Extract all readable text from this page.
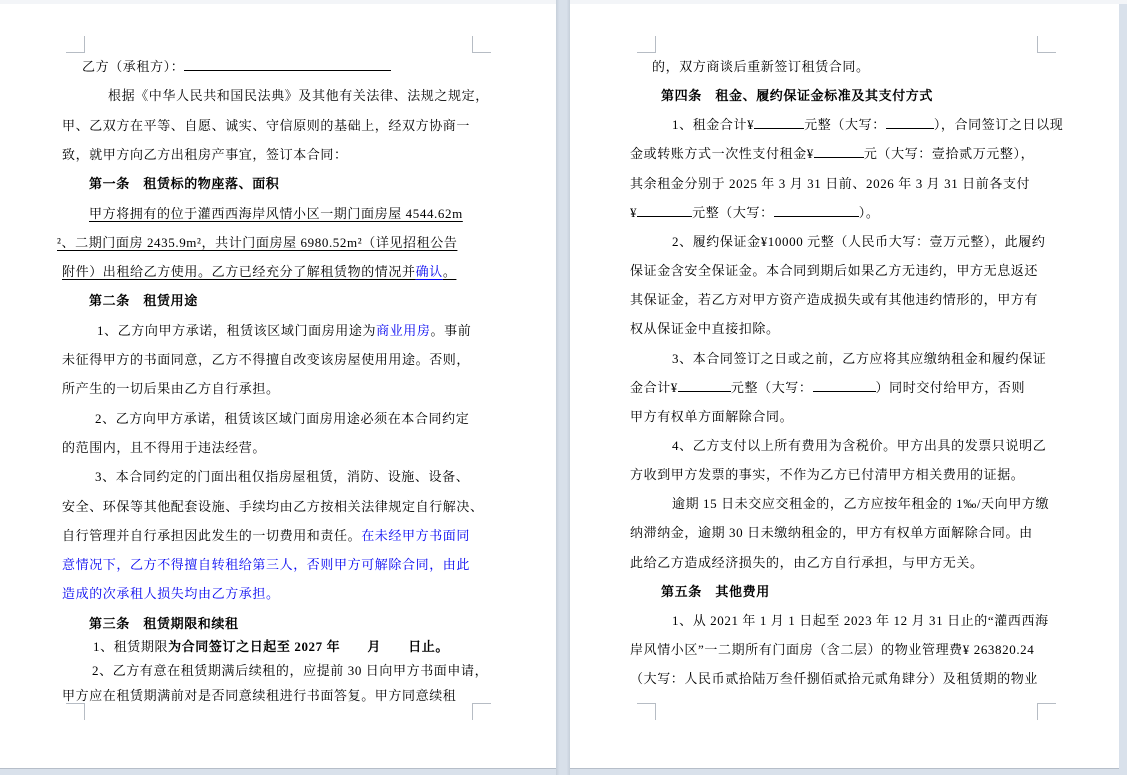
乙方（承租方）：
根据《中华人民共和国民法典》及其他有关法律、法规之规定，
甲、乙双方在平等、自愿、诚实、守信原则的基础上，经双方协商一
致，就甲方向乙方出租房产事宜，签订本合同：
第一条　租赁标的物座落、面积
甲方将拥有的位于灌西西海岸风情小区一期门面房屋 4544.62m
²、二期门面房 2435.9m²，共计门面房屋 6980.52m²（详见招租公告
附件）出租给乙方使用。乙方已经充分了解租赁物的情况并确认。
第二条　租赁用途
1、乙方向甲方承诺，租赁该区域门面房用途为商业用房。事前
未征得甲方的书面同意，乙方不得擅自改变该房屋使用用途。否则，
所产生的一切后果由乙方自行承担。
2、乙方向甲方承诺，租赁该区域门面房用途必须在本合同约定
的范围内，且不得用于违法经营。
3、本合同约定的门面出租仅指房屋租赁，消防、设施、设备、
安全、环保等其他配套设施、手续均由乙方按相关法律规定自行解决、
自行管理并自行承担因此发生的一切费用和责任。在未经甲方书面同
意情况下，乙方不得擅自转租给第三人，否则甲方可解除合同，由此
造成的次承租人损失均由乙方承担。
第三条　租赁期限和续租
1、租赁期限为合同签订之日起至 2027 年　　月　　日止。
2、乙方有意在租赁期满后续租的，应提前 30 日向甲方书面申请，
甲方应在租赁期满前对是否同意续租进行书面答复。甲方同意续租
的，双方商谈后重新签订租赁合同。
第四条　租金、履约保证金标准及其支付方式
1、租金合计¥	元整（大写：	），合同签订之日以现
金或转账方式一次性支付租金¥	元（大写：壹拾贰万元整），
其余租金分别于 2025 年 3 月 31 日前、2026 年 3 月 31 日前各支付
¥	元整（大写：	）。
2、履约保证金¥10000 元整（人民币大写：壹万元整），此履约
保证金含安全保证金。本合同到期后如果乙方无违约，甲方无息返还
其保证金，若乙方对甲方资产造成损失或有其他违约情形的，甲方有
权从保证金中直接扣除。
3、本合同签订之日或之前，乙方应将其应缴纳租金和履约保证
金合计¥	元整（大写：	）同时交付给甲方，否则
甲方有权单方面解除合同。
4、乙方支付以上所有费用为含税价。甲方出具的发票只说明乙
方收到甲方发票的事实，不作为乙方已付清甲方相关费用的证据。
逾期 15 日未交应交租金的，乙方应按年租金的 1‰/天向甲方缴
纳滞纳金，逾期 30 日未缴纳租金的，甲方有权单方面解除合同。由
此给乙方造成经济损失的，由乙方自行承担，与甲方无关。
第五条　其他费用
1、从 2021 年 1 月 1 日起至 2023 年 12 月 31 日止的“灌西西海
岸风情小区”一二期所有门面房（含二层）的物业管理费¥ 263820.24
（大写：人民币贰拾陆万叁仟捌佰贰拾元贰角肆分）及租赁期的物业
